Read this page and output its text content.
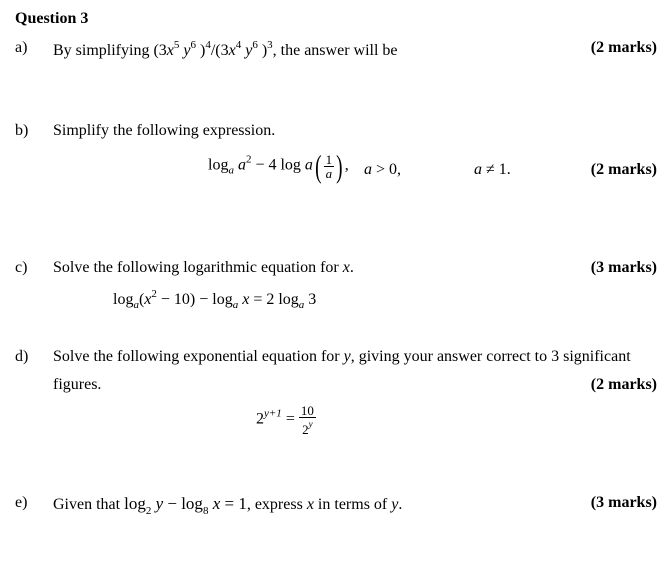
Question 3
a) By simplifying ($3x^5$ $y^6$ )$^4/(3x^4$ $y^6$ )$^3$, the answer will be	(2 marks)
b) Simplify the following expression.
$\log_a a^2 - 4$ $\log a( \frac{1}{a}$ ) , a > 0,	a ≠ 1.	(2 marks)
c) Solve the following logarithmic equation for x.	(3 marks)
$\log_a(x^2 - 10) - \log_a x = 2$ $\log_a 3$
d) Solve the following exponential equation for y, giving your answer correct to 3 significant
figures.	(2 marks)
$2^{y+1} = \frac{10}{2^y}$
e) Given that $\log_2 y - \log_8 x = 1$, express x in terms of y.	(3 marks)
